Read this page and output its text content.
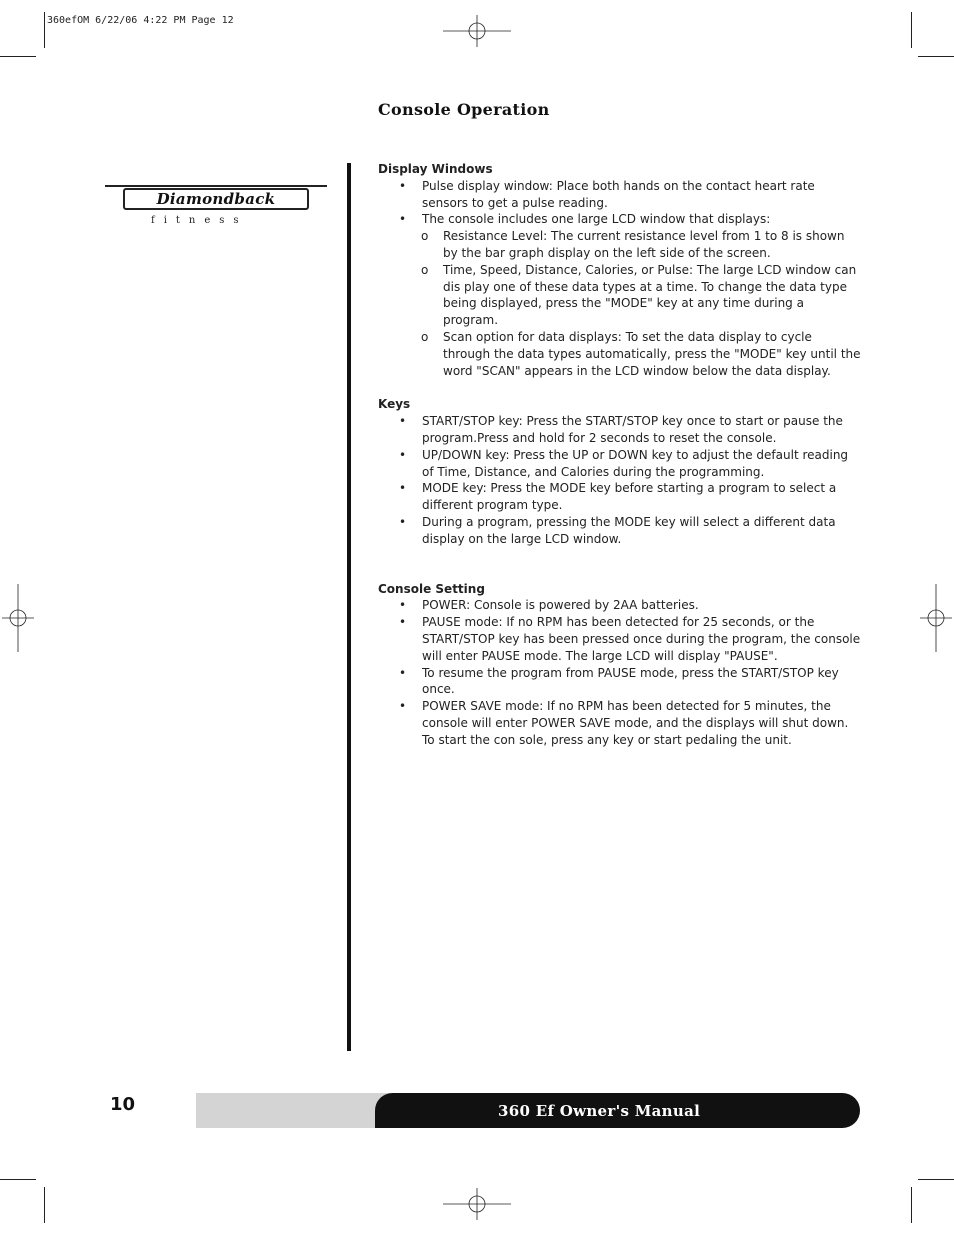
360efOM 6/22/06 4:22 PM Page 12
Console Operation
Diamondback
fitness
Display Windows
• Pulse display window: Place both hands on the contact heart rate sensors to get a pulse reading.
• The console includes one large LCD window that displays:
o Resistance Level: The current resistance level from 1 to 8 is shown by the bar graph display on the left side of the screen.
o Time, Speed, Distance, Calories, or Pulse: The large LCD window can dis play one of these data types at a time. To change the data type being displayed, press the "MODE" key at any time during a program.
o Scan option for data displays: To set the data display to cycle through the data types automatically, press the "MODE" key until the word "SCAN" appears in the LCD window below the data display.
Keys
• START/STOP key: Press the START/STOP key once to start or pause the program.Press and hold for 2 seconds to reset the console.
• UP/DOWN key: Press the UP or DOWN key to adjust the default reading of Time, Distance, and Calories during the programming.
• MODE key: Press the MODE key before starting a program to select a different program type.
• During a program, pressing the MODE key will select a different data display on the large LCD window.
Console Setting
• POWER: Console is powered by 2AA batteries.
• PAUSE mode: If no RPM has been detected for 25 seconds, or the START/STOP key has been pressed once during the program, the console will enter PAUSE mode. The large LCD will display "PAUSE".
• To resume the program from PAUSE mode, press the START/STOP key once.
• POWER SAVE mode: If no RPM has been detected for 5 minutes, the console will enter POWER SAVE mode, and the displays will shut down. To start the con sole, press any key or start pedaling the unit.
10	360 Ef Owner's Manual
